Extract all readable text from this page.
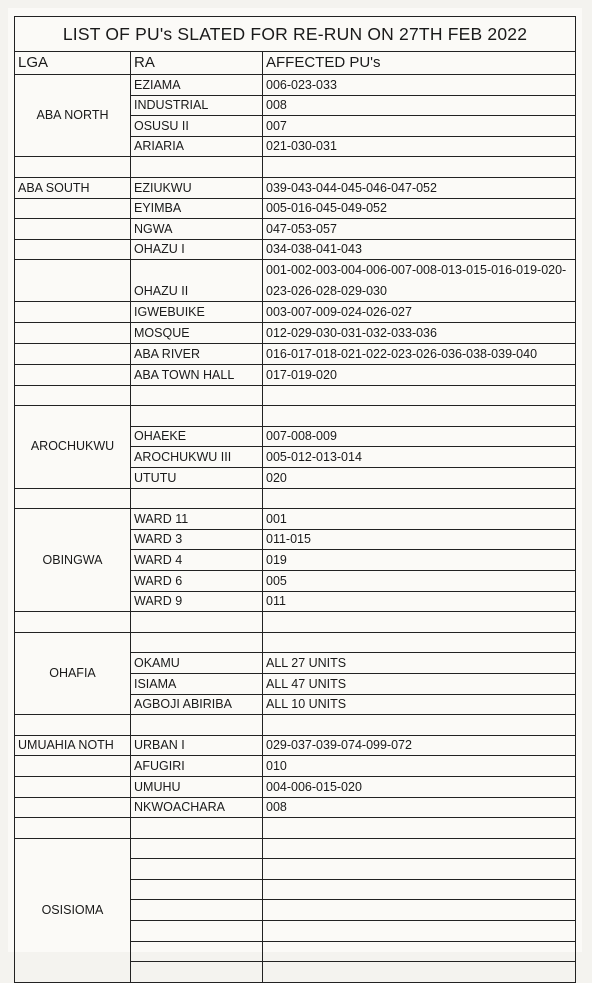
LIST OF PU's SLATED FOR RE-RUN ON 27TH FEB 2022
LGA	RA	AFFECTED PU's
ABA NORTH	EZIAMA	006-023-033
	INDUSTRIAL	008
	OSUSU II	007
	ARIARIA	021-030-031

ABA SOUTH	EZIUKWU	039-043-044-045-046-047-052
	EYIMBA	005-016-045-049-052
	NGWA	047-053-057
	OHAZU I	034-038-041-043
	OHAZU II	001-002-003-004-006-007-008-013-015-016-019-020-023-026-028-029-030
	IGWEBUIKE	003-007-009-024-026-027
	MOSQUE	012-029-030-031-032-033-036
	ABA RIVER	016-017-018-021-022-023-026-036-038-039-040
	ABA TOWN HALL	017-019-020

AROCHUKWU		
	OHAEKE	007-008-009
	AROCHUKWU III	005-012-013-014
	UTUTU	020

OBINGWA	WARD 11	001
	WARD 3	011-015
	WARD 4	019
	WARD 6	005
	WARD 9	011

OHAFIA		
	OKAMU	ALL 27 UNITS
	ISIAMA	ALL 47 UNITS
	AGBOJI ABIRIBA	ALL 10 UNITS

UMUAHIA NOTH	URBAN I	029-037-039-074-099-072
	AFUGIRI	010
	UMUHU	004-006-015-020
	NKWOACHARA	008

OSISIOMA		
